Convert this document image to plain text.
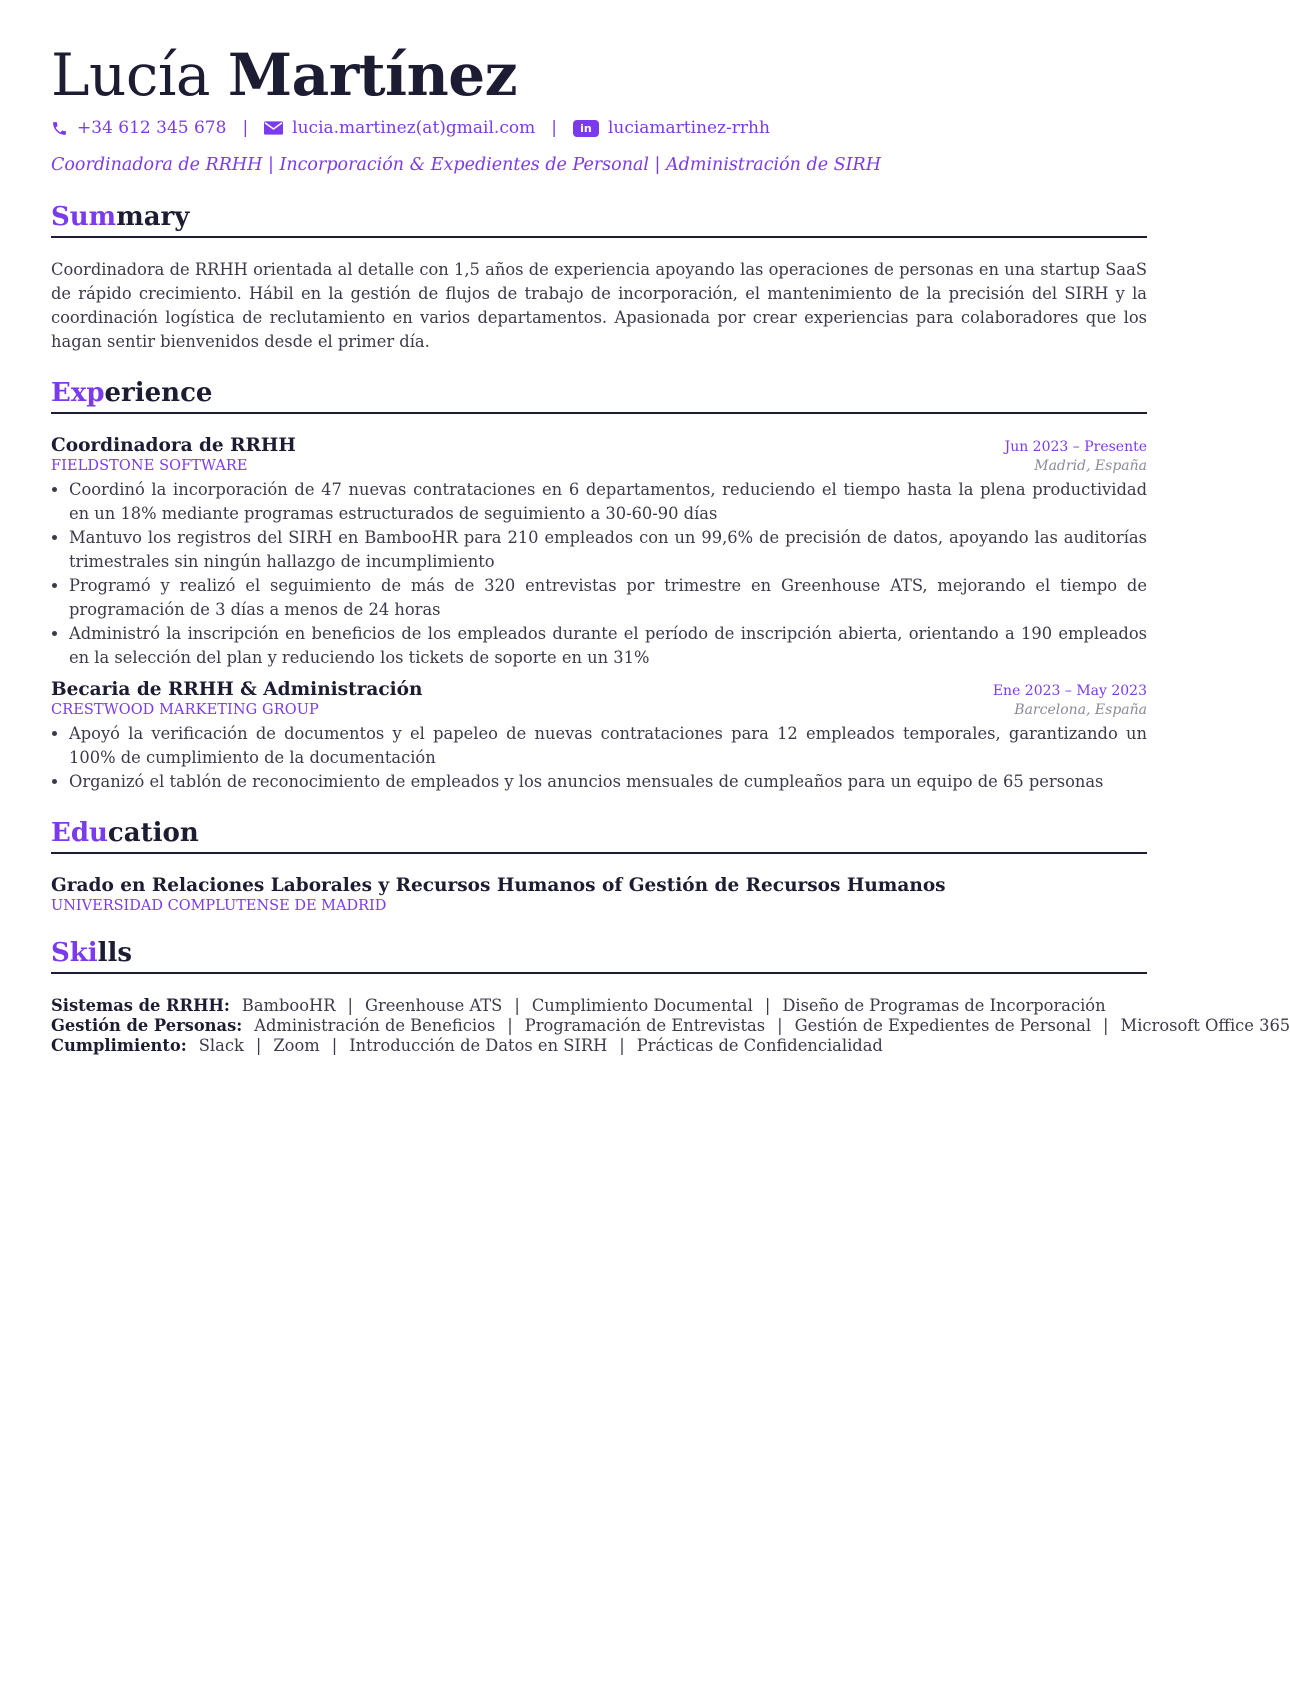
Lucía Martínez
+34 612 345 678 |	lucia.martinez(at)gmail.com |	in luciamartinez-rrhh
Coordinadora de RRHH | Incorporación & Expedientes de Personal | Administración de SIRH
Summary
Coordinadora de RRHH orientada al detalle con 1,5 años de experiencia apoyando las operaciones de personas en una startup SaaS de rápido crecimiento. Hábil en la gestión de flujos de trabajo de incorporación, el mantenimiento de la precisión del SIRH y la coordinación logística de reclutamiento en varios departamentos. Apasionada por crear experiencias para colaboradores que los hagan sentir bienvenidos desde el primer día.
Experience
Coordinadora de RRHH	Jun 2023 – Presente
FIELDSTONE SOFTWARE	Madrid, España
• Coordinó la incorporación de 47 nuevas contrataciones en 6 departamentos, reduciendo el tiempo hasta la plena productividad en un 18% mediante programas estructurados de seguimiento a 30-60-90 días
• Mantuvo los registros del SIRH en BambooHR para 210 empleados con un 99,6% de precisión de datos, apoyando las auditorías trimestrales sin ningún hallazgo de incumplimiento
• Programó y realizó el seguimiento de más de 320 entrevistas por trimestre en Greenhouse ATS, mejorando el tiempo de programación de 3 días a menos de 24 horas
• Administró la inscripción en beneficios de los empleados durante el período de inscripción abierta, orientando a 190 empleados en la selección del plan y reduciendo los tickets de soporte en un 31%
Becaria de RRHH & Administración	Ene 2023 – May 2023
CRESTWOOD MARKETING GROUP	Barcelona, España
• Apoyó la verificación de documentos y el papeleo de nuevas contrataciones para 12 empleados temporales, garantizando un 100% de cumplimiento de la documentación
• Organizó el tablón de reconocimiento de empleados y los anuncios mensuales de cumpleaños para un equipo de 65 personas
Education
Grado en Relaciones Laborales y Recursos Humanos of Gestión de Recursos Humanos
UNIVERSIDAD COMPLUTENSE DE MADRID
Skills
Sistemas de RRHH: BambooHR | Greenhouse ATS | Cumplimiento Documental | Diseño de Programas de Incorporación
Gestión de Personas: Administración de Beneficios | Programación de Entrevistas | Gestión de Expedientes de Personal | Microsoft Office 365
Cumplimiento: Slack | Zoom | Introducción de Datos en SIRH | Prácticas de Confidencialidad
